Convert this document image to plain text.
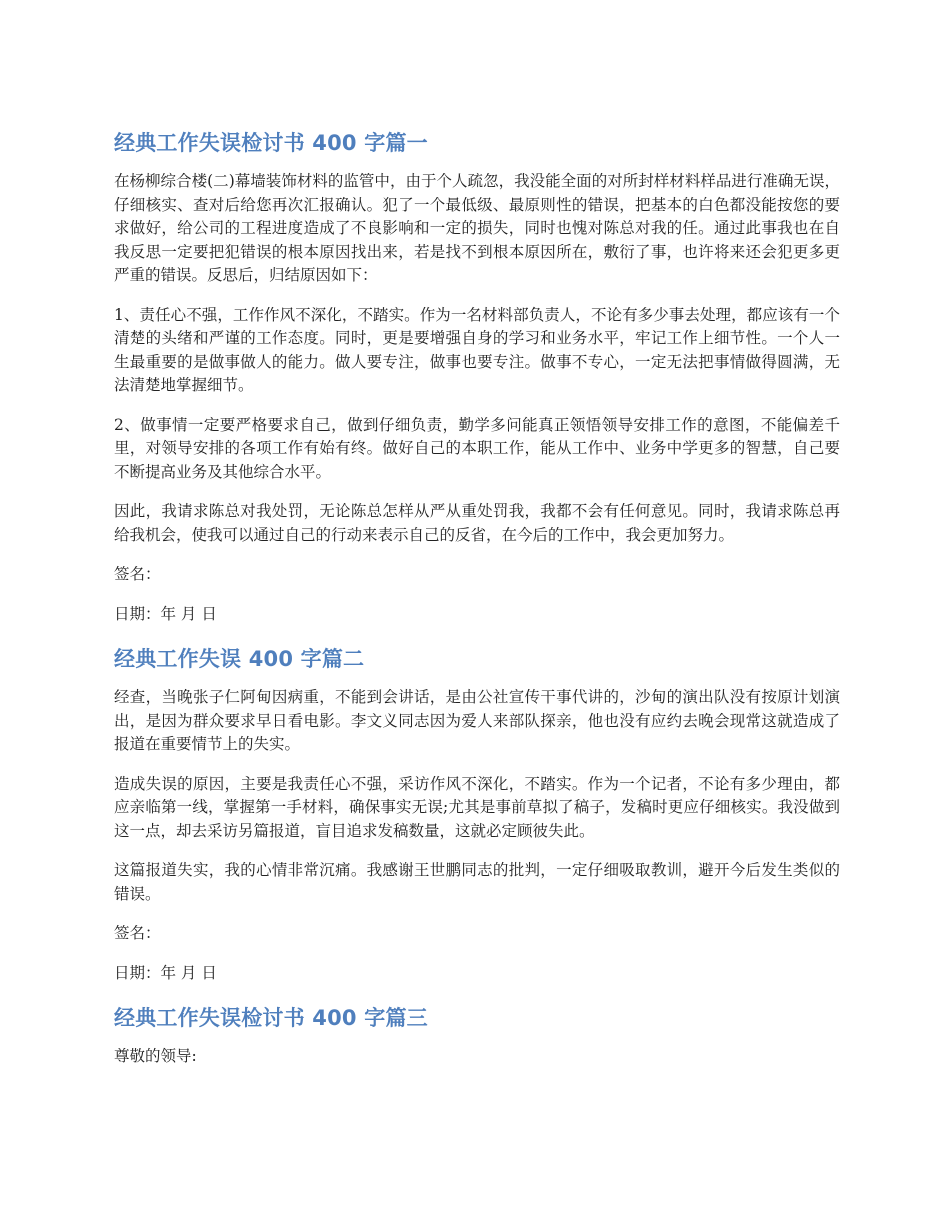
经典工作失误检讨书 400 字篇一

在杨柳综合楼(二)幕墙装饰材料的监管中，由于个人疏忽，我没能全面的对所封样材料样品进行准确无误，仔细核实、查对后给您再次汇报确认。犯了一个最低级、最原则性的错误，把基本的白色都没能按您的要求做好，给公司的工程进度造成了不良影响和一定的损失，同时也愧对陈总对我的任。通过此事我也在自我反思一定要把犯错误的根本原因找出来，若是找不到根本原因所在，敷衍了事，也许将来还会犯更多更严重的错误。反思后，归结原因如下：

1、责任心不强，工作作风不深化，不踏实。作为一名材料部负责人，不论有多少事去处理，都应该有一个清楚的头绪和严谨的工作态度。同时，更是要增强自身的学习和业务水平，牢记工作上细节性。一个人一生最重要的是做事做人的能力。做人要专注，做事也要专注。做事不专心，一定无法把事情做得圆满，无法清楚地掌握细节。

2、做事情一定要严格要求自己，做到仔细负责，勤学多问能真正领悟领导安排工作的意图，不能偏差千里，对领导安排的各项工作有始有终。做好自己的本职工作，能从工作中、业务中学更多的智慧，自己要不断提高业务及其他综合水平。

因此，我请求陈总对我处罚，无论陈总怎样从严从重处罚我，我都不会有任何意见。同时，我请求陈总再给我机会，使我可以通过自己的行动来表示自己的反省，在今后的工作中，我会更加努力。

签名：

日期：年 月 日

经典工作失误 400 字篇二

经查，当晚张子仁阿甸因病重，不能到会讲话，是由公社宣传干事代讲的，沙甸的演出队没有按原计划演出，是因为群众要求早日看电影。李文义同志因为爱人来部队探亲，他也没有应约去晚会现常这就造成了报道在重要情节上的失实。

造成失误的原因，主要是我责任心不强，采访作风不深化，不踏实。作为一个记者，不论有多少理由，都应亲临第一线，掌握第一手材料，确保事实无误;尤其是事前草拟了稿子，发稿时更应仔细核实。我没做到这一点，却去采访另篇报道，盲目追求发稿数量，这就必定顾彼失此。

这篇报道失实，我的心情非常沉痛。我感谢王世鹏同志的批判，一定仔细吸取教训，避开今后发生类似的错误。

签名：

日期：年 月 日

经典工作失误检讨书 400 字篇三

尊敬的领导:
